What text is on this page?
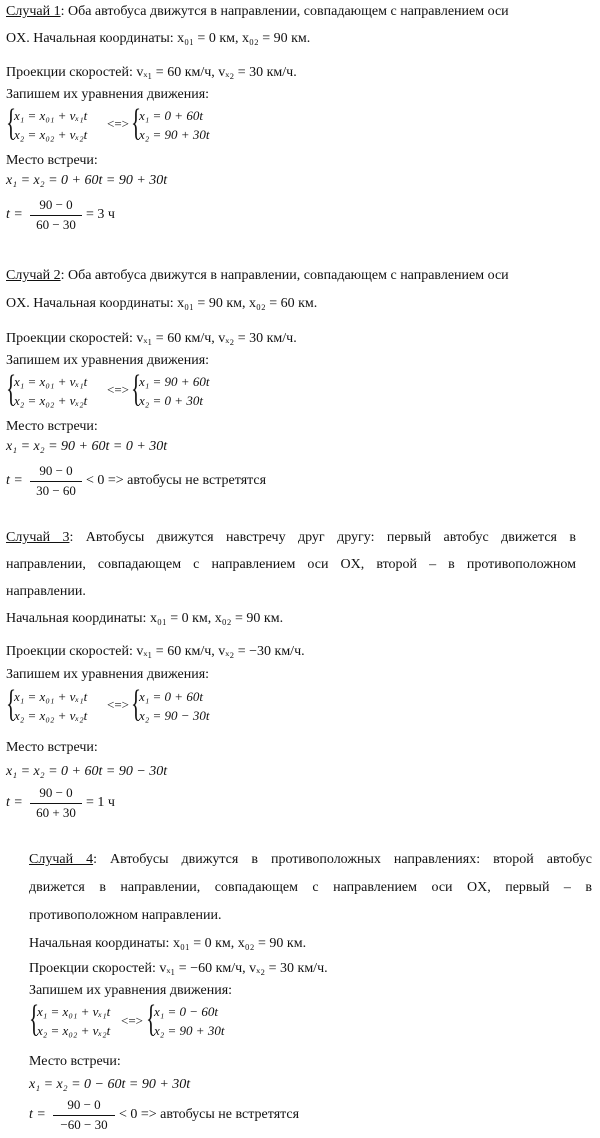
Случай 1: Оба автобуса движутся в направлении, совпадающем с направлением оси
OX. Начальная координаты: x₀₁ = 0 км, x₀₂ = 90 км.
Проекции скоростей: vₓ₁ = 60 км/ч, vₓ₂ = 30 км/ч.
Запишем их уравнения движения:
{
x₁ = x₀₁ + vₓ₁t
x₂ = x₀₂ + vₓ₂t
<=> {
x₁ = 0 + 60t
x₂ = 90 + 30t
Место встречи:
x₁ = x₂ = 0 + 60t = 90 + 30t
t =
90 − 0
60 − 30
= 3 ч
Случай 2: Оба автобуса движутся в направлении, совпадающем с направлением оси
OX. Начальная координаты: x₀₁ = 90 км, x₀₂ = 60 км.
Проекции скоростей: vₓ₁ = 60 км/ч, vₓ₂ = 30 км/ч.
Запишем их уравнения движения:
{
x₁ = x₀₁ + vₓ₁t
x₂ = x₀₂ + vₓ₂t
<=> {
x₁ = 90 + 60t
x₂ = 0 + 30t
Место встречи:
x₁ = x₂ = 90 + 60t = 0 + 30t
t =
90 − 0
30 − 60
< 0 => автобусы не встретятся
Случай 3: Автобусы движутся навстречу друг другу: первый автобус движется в
направлении, совпадающем с направлением оси OX, второй – в противоположном
направлении.
Начальная координаты: x₀₁ = 0 км, x₀₂ = 90 км.
Проекции скоростей: vₓ₁ = 60 км/ч, vₓ₂ = −30 км/ч.
Запишем их уравнения движения:
{
x₁ = x₀₁ + vₓ₁t
x₂ = x₀₂ + vₓ₂t
<=> {
x₁ = 0 + 60t
x₂ = 90 − 30t
Место встречи:
x₁ = x₂ = 0 + 60t = 90 − 30t
t =
90 − 0
60 + 30
= 1 ч
Случай 4: Автобусы движутся в противоположных направлениях: второй автобус
движется в направлении, совпадающем с направлением оси OX, первый – в
противоположном направлении.
Начальная координаты: x₀₁ = 0 км, x₀₂ = 90 км.
Проекции скоростей: vₓ₁ = −60 км/ч, vₓ₂ = 30 км/ч.
Запишем их уравнения движения:
{
x₁ = x₀₁ + vₓ₁t
x₂ = x₀₂ + vₓ₂t
<=> {
x₁ = 0 − 60t
x₂ = 90 + 30t
Место встречи:
x₁ = x₂ = 0 − 60t = 90 + 30t
t =
90 − 0
−60 − 30
< 0 => автобусы не встретятся
